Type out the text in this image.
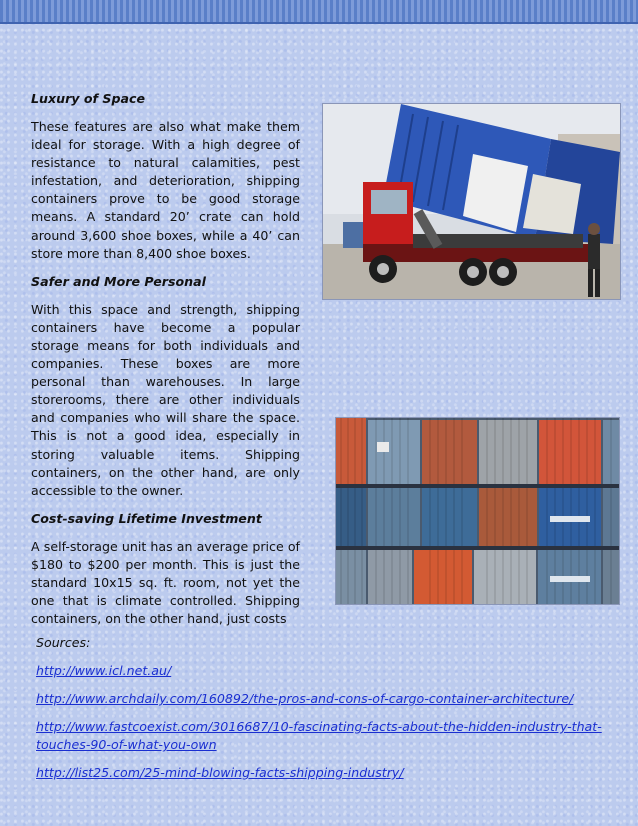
Luxury of Space

These features are also what make them ideal for storage. With a high degree of resistance to natural calamities, pest infestation, and deterioration, shipping containers prove to be good storage means. A standard 20’ crate can hold around 3,600 shoe boxes, while a 40’ can store more than 8,400 shoe boxes.

Safer and More Personal

With this space and strength, shipping containers have become a popular storage means for both individuals and companies. These boxes are more personal than warehouses. In large storerooms, there are other individuals and companies who will share the space. This is not a good idea, especially in storing valuable items. Shipping containers, on the other hand, are only accessible to the owner.

Cost-saving Lifetime Investment

A self-storage unit has an average price of $180 to $200 per month. This is just the standard 10x15 sq. ft. room, not yet the one that is climate controlled. Shipping containers, on the other hand, just costs

Sources:

http://www.icl.net.au/
http://www.archdaily.com/160892/the-pros-and-cons-of-cargo-container-architecture/
http://www.fastcoexist.com/3016687/10-fascinating-facts-about-the-hidden-industry-that-touches-90-of-what-you-own
http://list25.com/25-mind-blowing-facts-shipping-industry/
